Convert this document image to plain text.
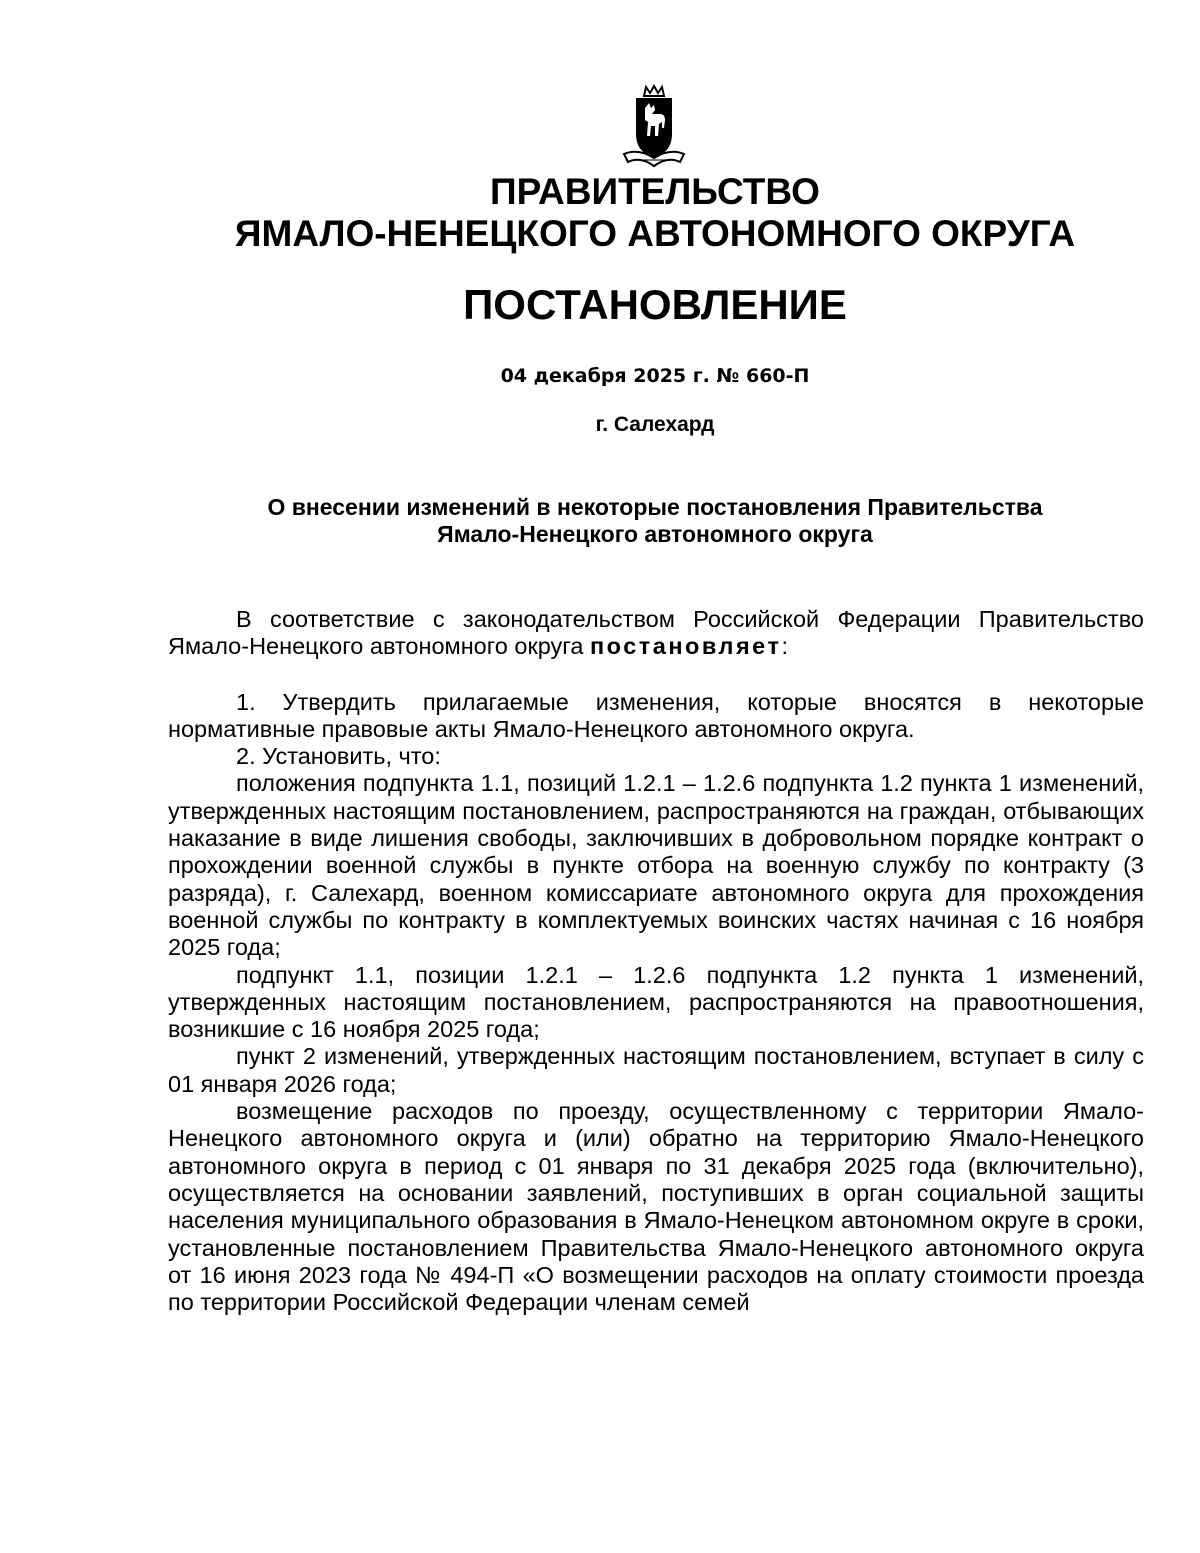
ПРАВИТЕЛЬСТВО
ЯМАЛО-НЕНЕЦКОГО АВТОНОМНОГО ОКРУГА
ПОСТАНОВЛЕНИЕ
04 декабря 2025 г. № 660-П
г. Салехард
О внесении изменений в некоторые постановления Правительства
Ямало-Ненецкого автономного округа

В соответствие с законодательством Российской Федерации Правительство Ямало-Ненецкого автономного округа постановляет:

1. Утвердить прилагаемые изменения, которые вносятся в некоторые нормативные правовые акты Ямало-Ненецкого автономного округа.

2. Установить, что:

положения подпункта 1.1, позиций 1.2.1 – 1.2.6 подпункта 1.2 пункта 1 изменений, утвержденных настоящим постановлением, распространяются на граждан, отбывающих наказание в виде лишения свободы, заключивших в добровольном порядке контракт о прохождении военной службы в пункте отбора на военную службу по контракту (3 разряда), г. Салехард, военном комиссариате автономного округа для прохождения военной службы по контракту в комплектуемых воинских частях начиная с 16 ноября 2025 года;

подпункт 1.1, позиции 1.2.1 – 1.2.6 подпункта 1.2 пункта 1 изменений, утвержденных настоящим постановлением, распространяются на правоотношения, возникшие с 16 ноября 2025 года;

пункт 2 изменений, утвержденных настоящим постановлением, вступает в силу с 01 января 2026 года;

возмещение расходов по проезду, осуществленному с территории Ямало-Ненецкого автономного округа и (или) обратно на территорию Ямало-Ненецкого автономного округа в период с 01 января по 31 декабря 2025 года (включительно), осуществляется на основании заявлений, поступивших в орган социальной защиты населения муниципального образования в Ямало-Ненецком автономном округе в сроки, установленные постановлением Правительства Ямало-Ненецкого автономного округа от 16 июня 2023 года № 494-П «О возмещении расходов на оплату стоимости проезда по территории Российской Федерации членам семей
